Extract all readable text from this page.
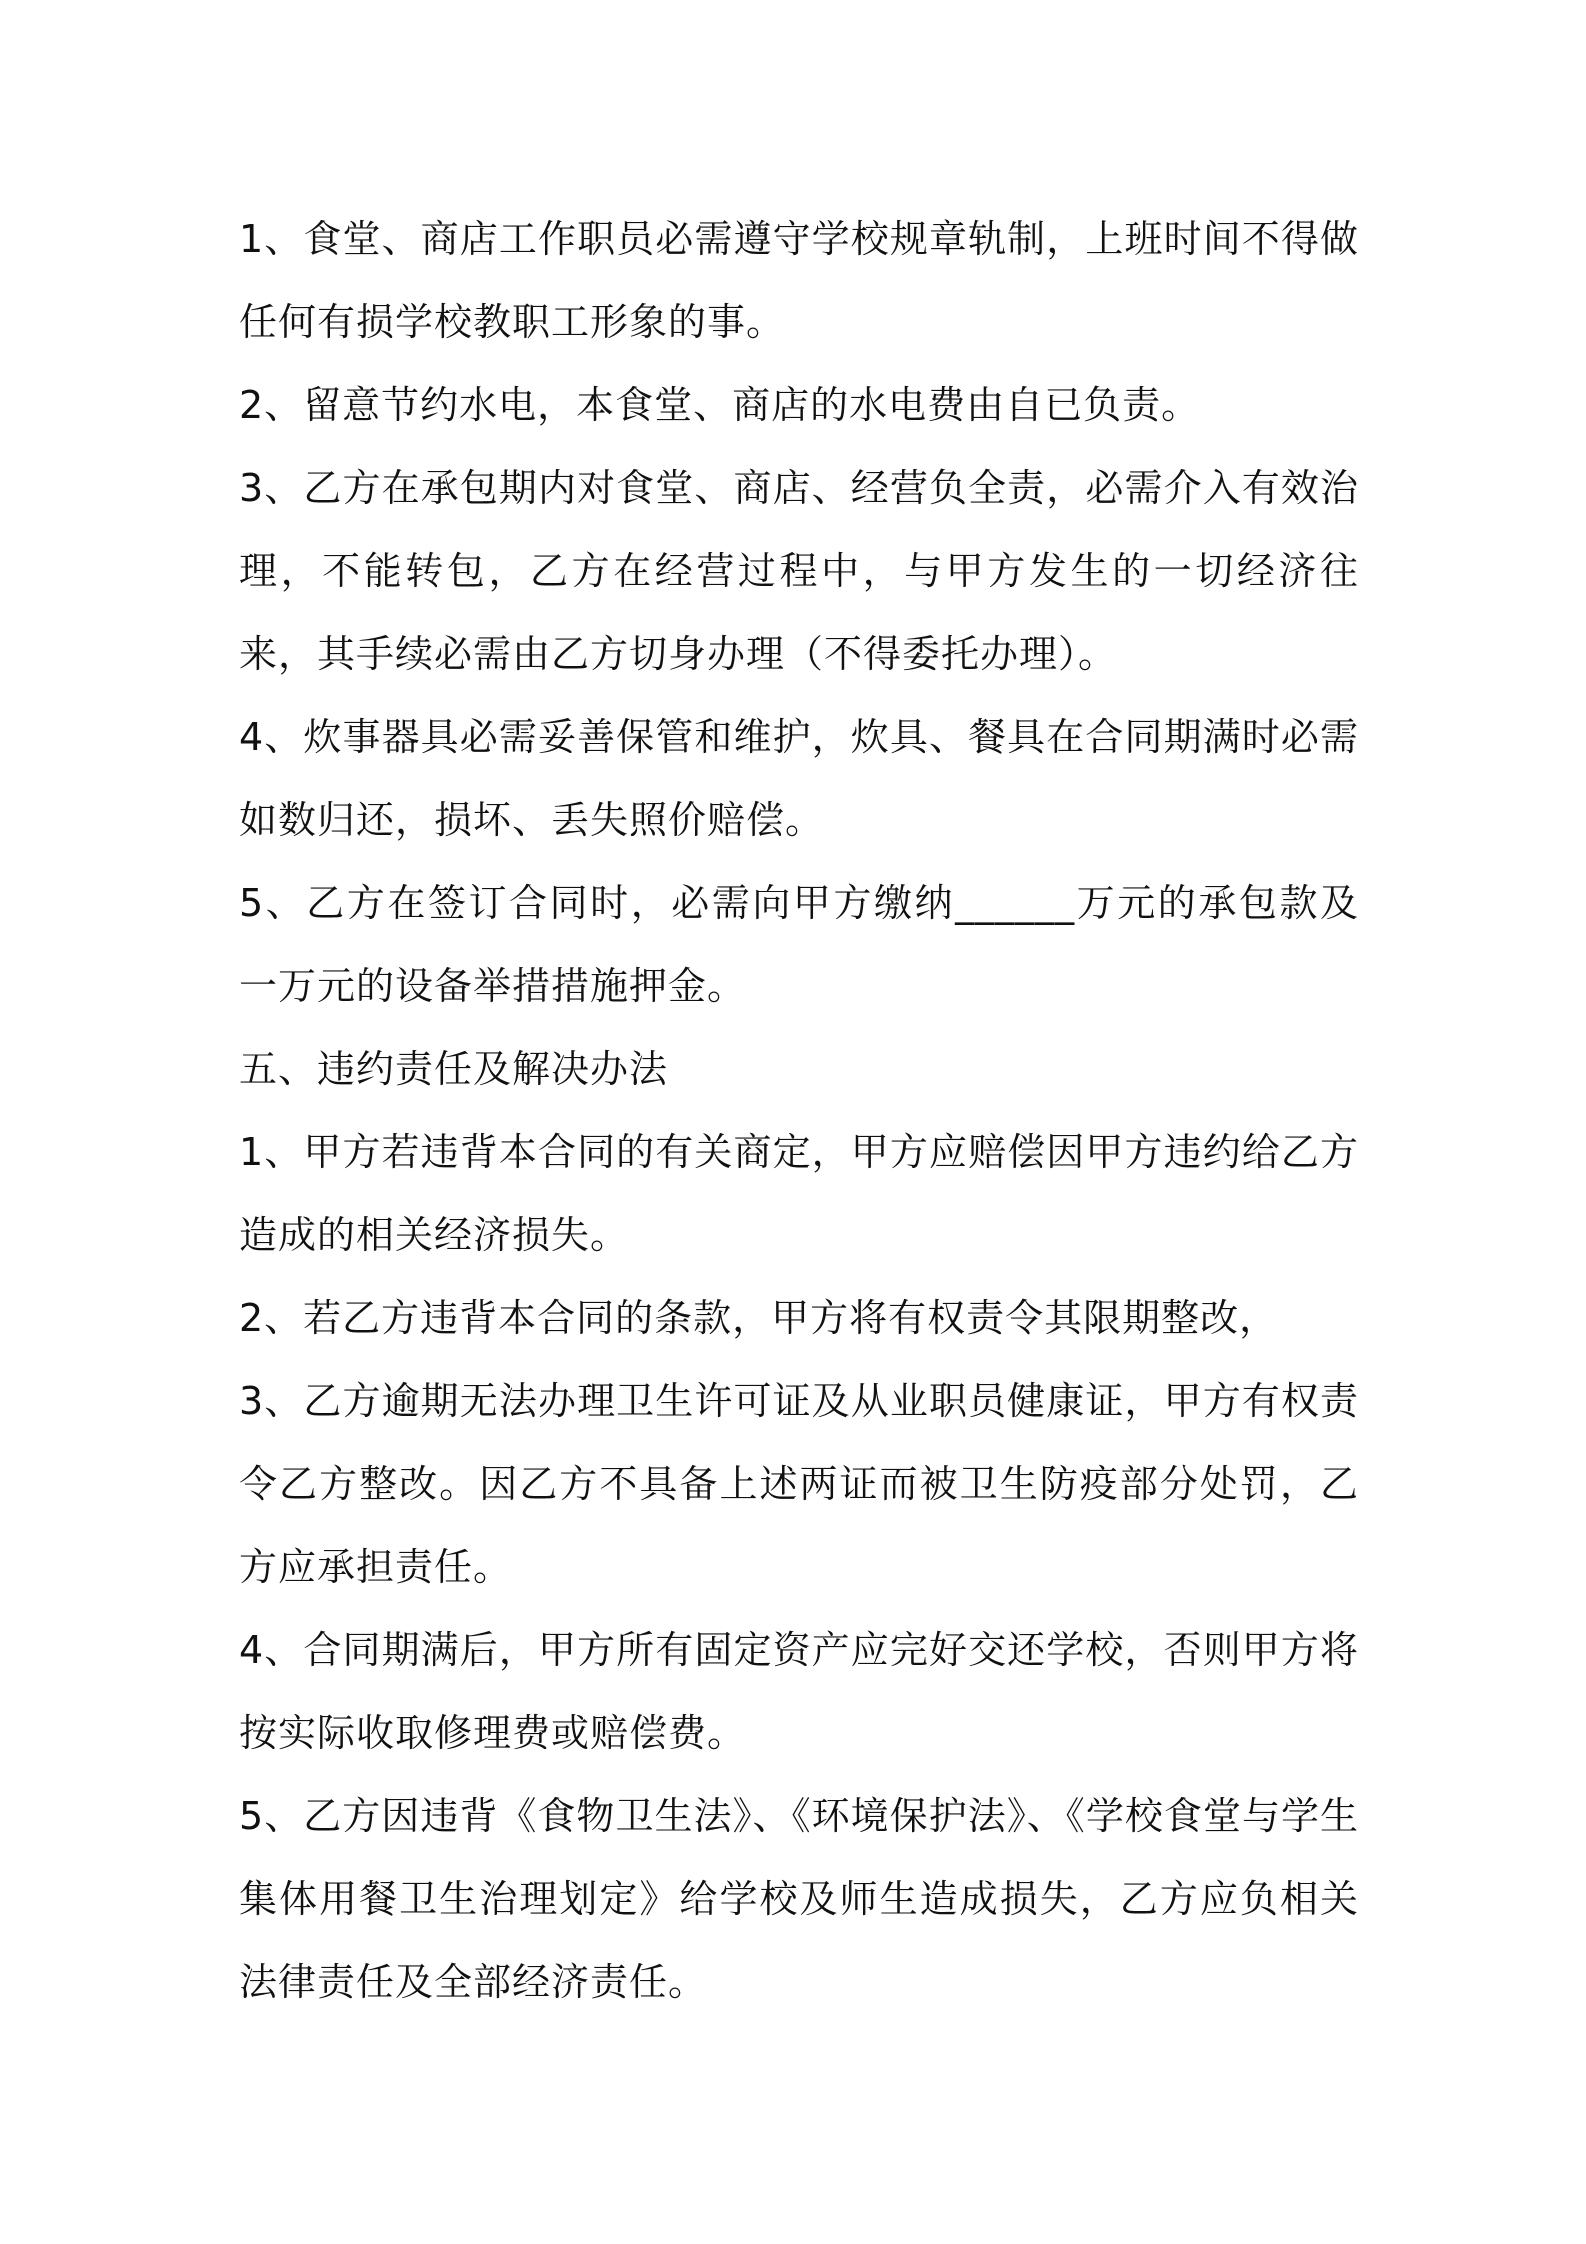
1、食堂、商店工作职员必需遵守学校规章轨制，上班时间不得做任何有损学校教职工形象的事。

2、留意节约水电，本食堂、商店的水电费由自已负责。

3、乙方在承包期内对食堂、商店、经营负全责，必需介入有效治理，不能转包，乙方在经营过程中，与甲方发生的一切经济往来，其手续必需由乙方切身办理（不得委托办理）。

4、炊事器具必需妥善保管和维护，炊具、餐具在合同期满时必需如数归还，损坏、丢失照价赔偿。

5、乙方在签订合同时，必需向甲方缴纳______万元的承包款及一万元的设备举措措施押金。

五、违约责任及解决办法

1、甲方若违背本合同的有关商定，甲方应赔偿因甲方违约给乙方造成的相关经济损失。

2、若乙方违背本合同的条款，甲方将有权责令其限期整改，

3、乙方逾期无法办理卫生许可证及从业职员健康证，甲方有权责令乙方整改。因乙方不具备上述两证而被卫生防疫部分处罚，乙方应承担责任。

4、合同期满后，甲方所有固定资产应完好交还学校，否则甲方将按实际收取修理费或赔偿费。

5、乙方因违背《食物卫生法》、《环境保护法》、《学校食堂与学生集体用餐卫生治理划定》给学校及师生造成损失，乙方应负相关法律责任及全部经济责任。
